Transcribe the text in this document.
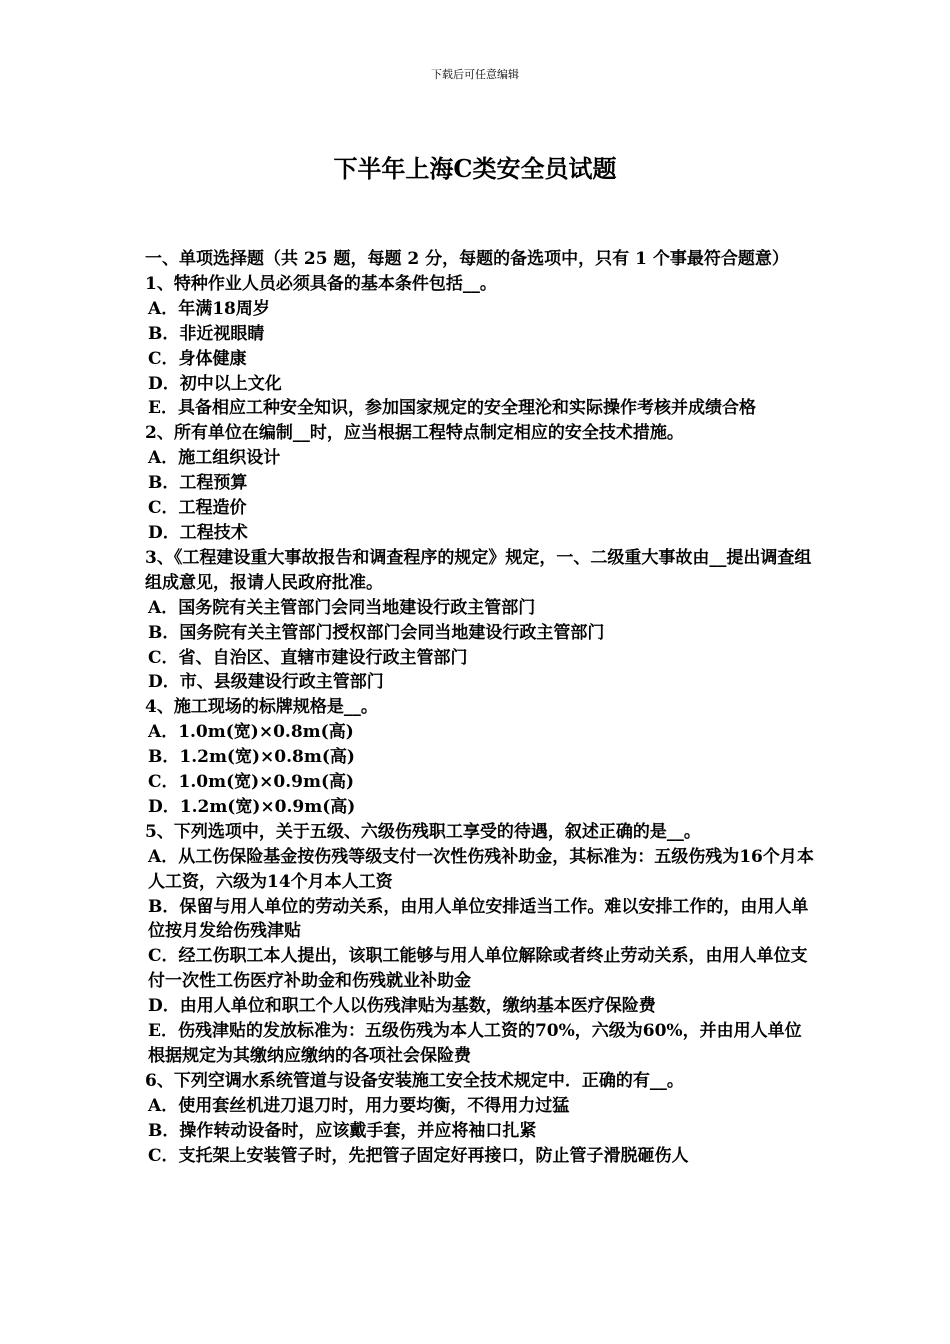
下载后可任意编辑
下半年上海C类安全员试题
一、单项选择题（共 25 题，每题 2 分，每题的备选项中，只有 1 个事最符合题意）
1、特种作业人员必须具备的基本条件包括__。
A．年满18周岁
B．非近视眼睛
C．身体健康
D．初中以上文化
E．具备相应工种安全知识，参加国家规定的安全理沦和实际操作考核并成绩合格
2、所有单位在编制__时，应当根据工程特点制定相应的安全技术措施。
A．施工组织设计
B．工程预算
C．工程造价
D．工程技术
3、《工程建设重大事故报告和调查程序的规定》规定，一、二级重大事故由__提出调查组组成意见，报请人民政府批准。
A．国务院有关主管部门会同当地建设行政主管部门
B．国务院有关主管部门授权部门会同当地建设行政主管部门
C．省、自治区、直辖市建设行政主管部门
D．市、县级建设行政主管部门
4、施工现场的标牌规格是__。
A．1.0m(宽)×0.8m(高)
B．1.2m(宽)×0.8m(高)
C．1.0m(宽)×0.9m(高)
D．1.2m(宽)×0.9m(高)
5、下列选项中，关于五级、六级伤残职工享受的待遇，叙述正确的是__。
A．从工伤保险基金按伤残等级支付一次性伤残补助金，其标准为：五级伤残为16个月本人工资，六级为14个月本人工资
B．保留与用人单位的劳动关系，由用人单位安排适当工作。难以安排工作的，由用人单位按月发给伤残津贴
C．经工伤职工本人提出，该职工能够与用人单位解除或者终止劳动关系，由用人单位支付一次性工伤医疗补助金和伤残就业补助金
D．由用人单位和职工个人以伤残津贴为基数，缴纳基本医疗保险费
E．伤残津贴的发放标准为：五级伤残为本人工资的70%，六级为60%，并由用人单位根据规定为其缴纳应缴纳的各项社会保险费
6、下列空调水系统管道与设备安装施工安全技术规定中．正确的有__。
A．使用套丝机进刀退刀时，用力要均衡，不得用力过猛
B．操作转动设备时，应该戴手套，并应将袖口扎紧
C．支托架上安装管子时，先把管子固定好再接口，防止管子滑脱砸伤人
